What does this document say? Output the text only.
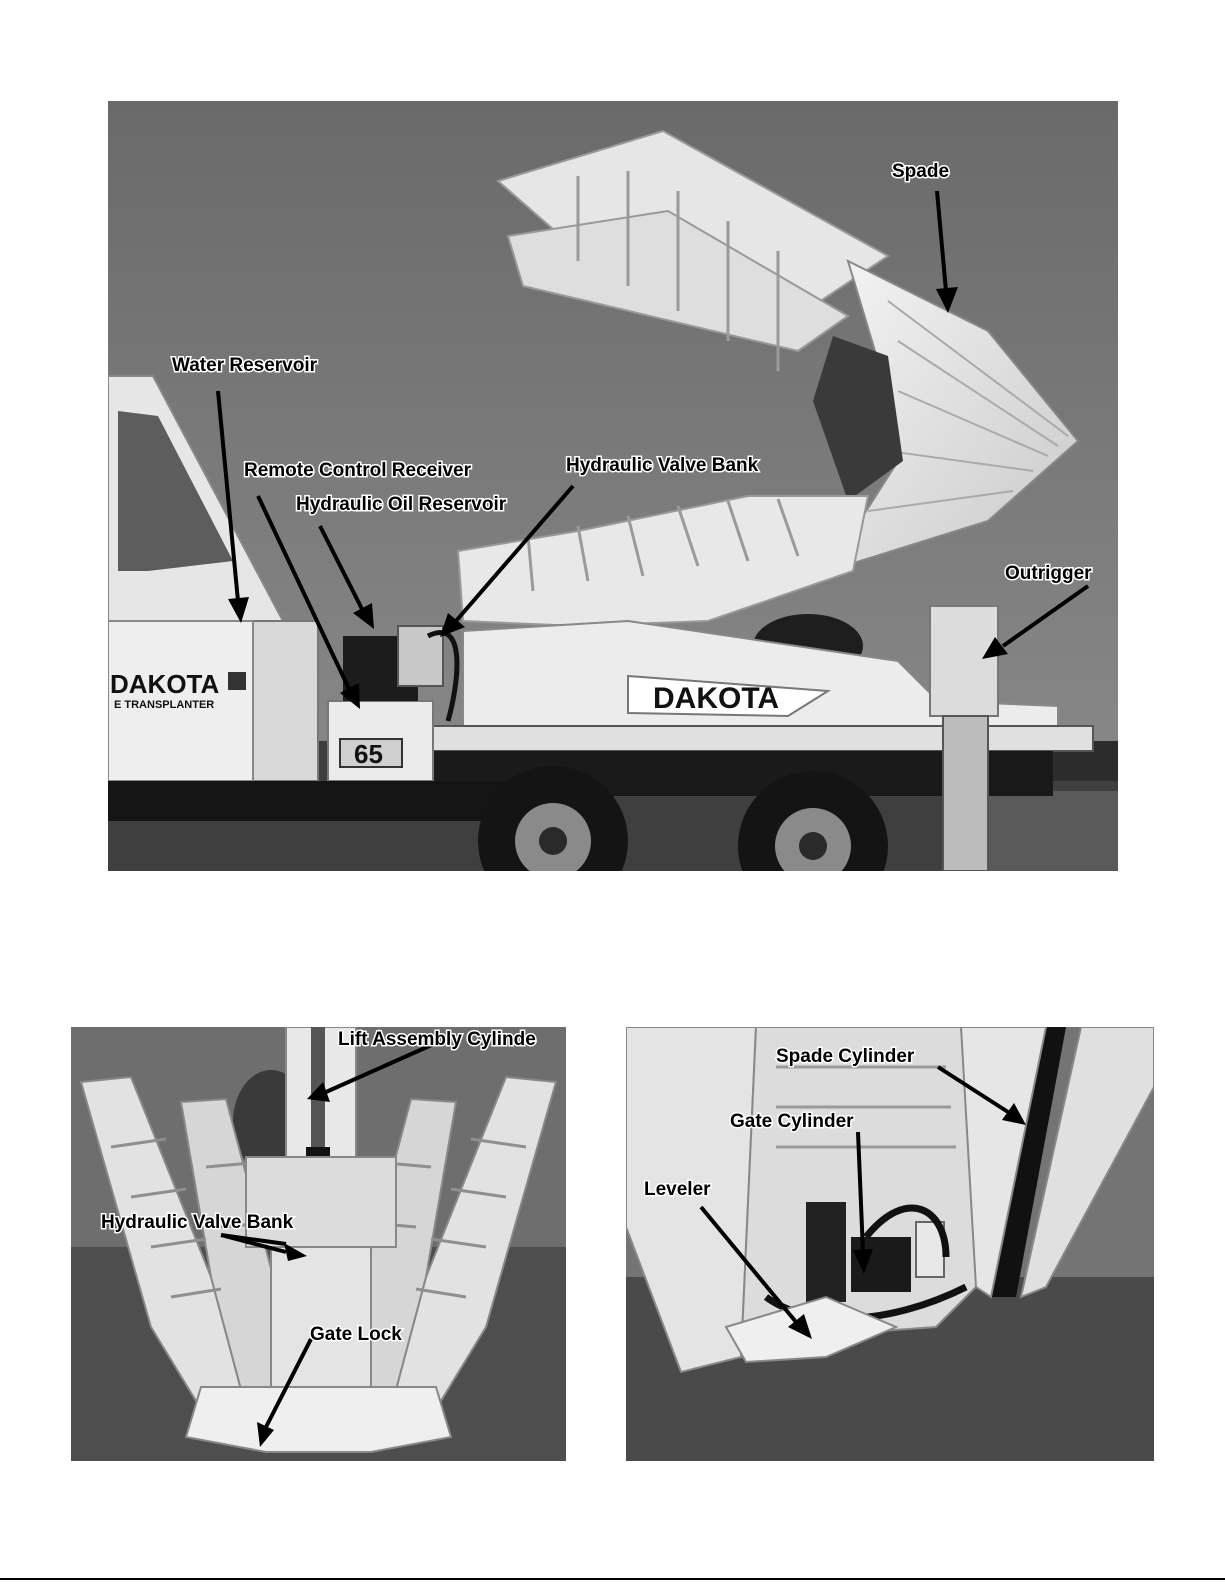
DAKOTA
DAKOTA
E TRANSPLANTER
65
Spade
Water Reservoir
Remote Control Receiver
Hydraulic Oil Reservoir
Hydraulic Valve Bank
Outrigger
Lift Assembly Cylinde
Hydraulic Valve Bank
Gate Lock
Spade Cylinder
Gate Cylinder
Leveler
